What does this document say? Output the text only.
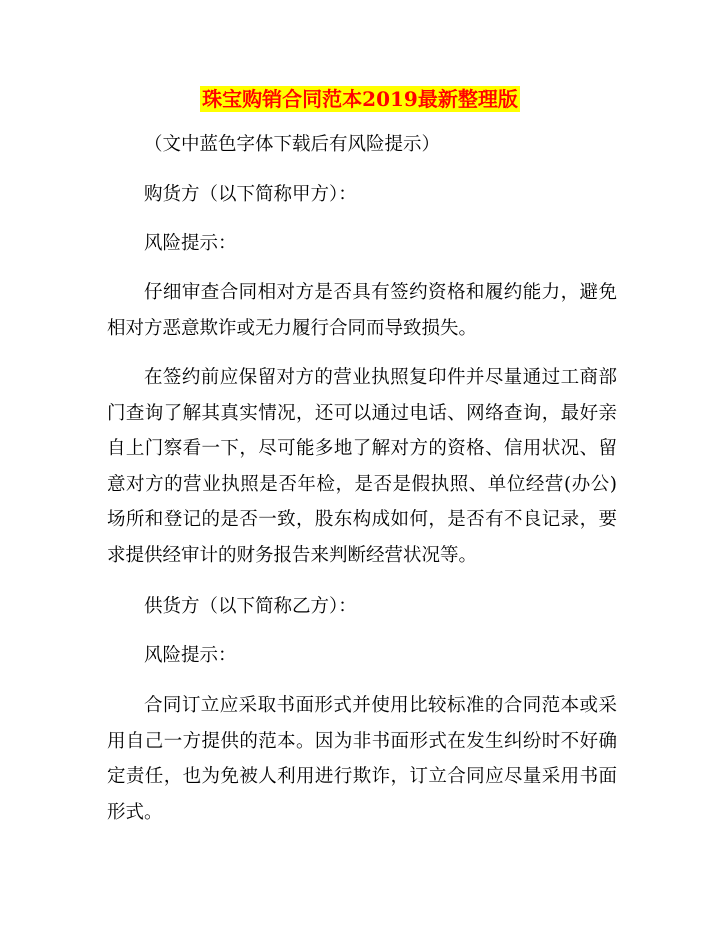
珠宝购销合同范本2019最新整理版

（文中蓝色字体下载后有风险提示）

购货方（以下简称甲方）：

风险提示：

仔细审查合同相对方是否具有签约资格和履约能力，避免相对方恶意欺诈或无力履行合同而导致损失。

在签约前应保留对方的营业执照复印件并尽量通过工商部门查询了解其真实情况，还可以通过电话、网络查询，最好亲自上门察看一下，尽可能多地了解对方的资格、信用状况、留意对方的营业执照是否年检，是否是假执照、单位经营(办公)场所和登记的是否一致，股东构成如何，是否有不良记录，要求提供经审计的财务报告来判断经营状况等。

供货方（以下简称乙方）：

风险提示：

合同订立应采取书面形式并使用比较标准的合同范本或采用自己一方提供的范本。因为非书面形式在发生纠纷时不好确定责任，也为免被人利用进行欺诈，订立合同应尽量采用书面形式。
